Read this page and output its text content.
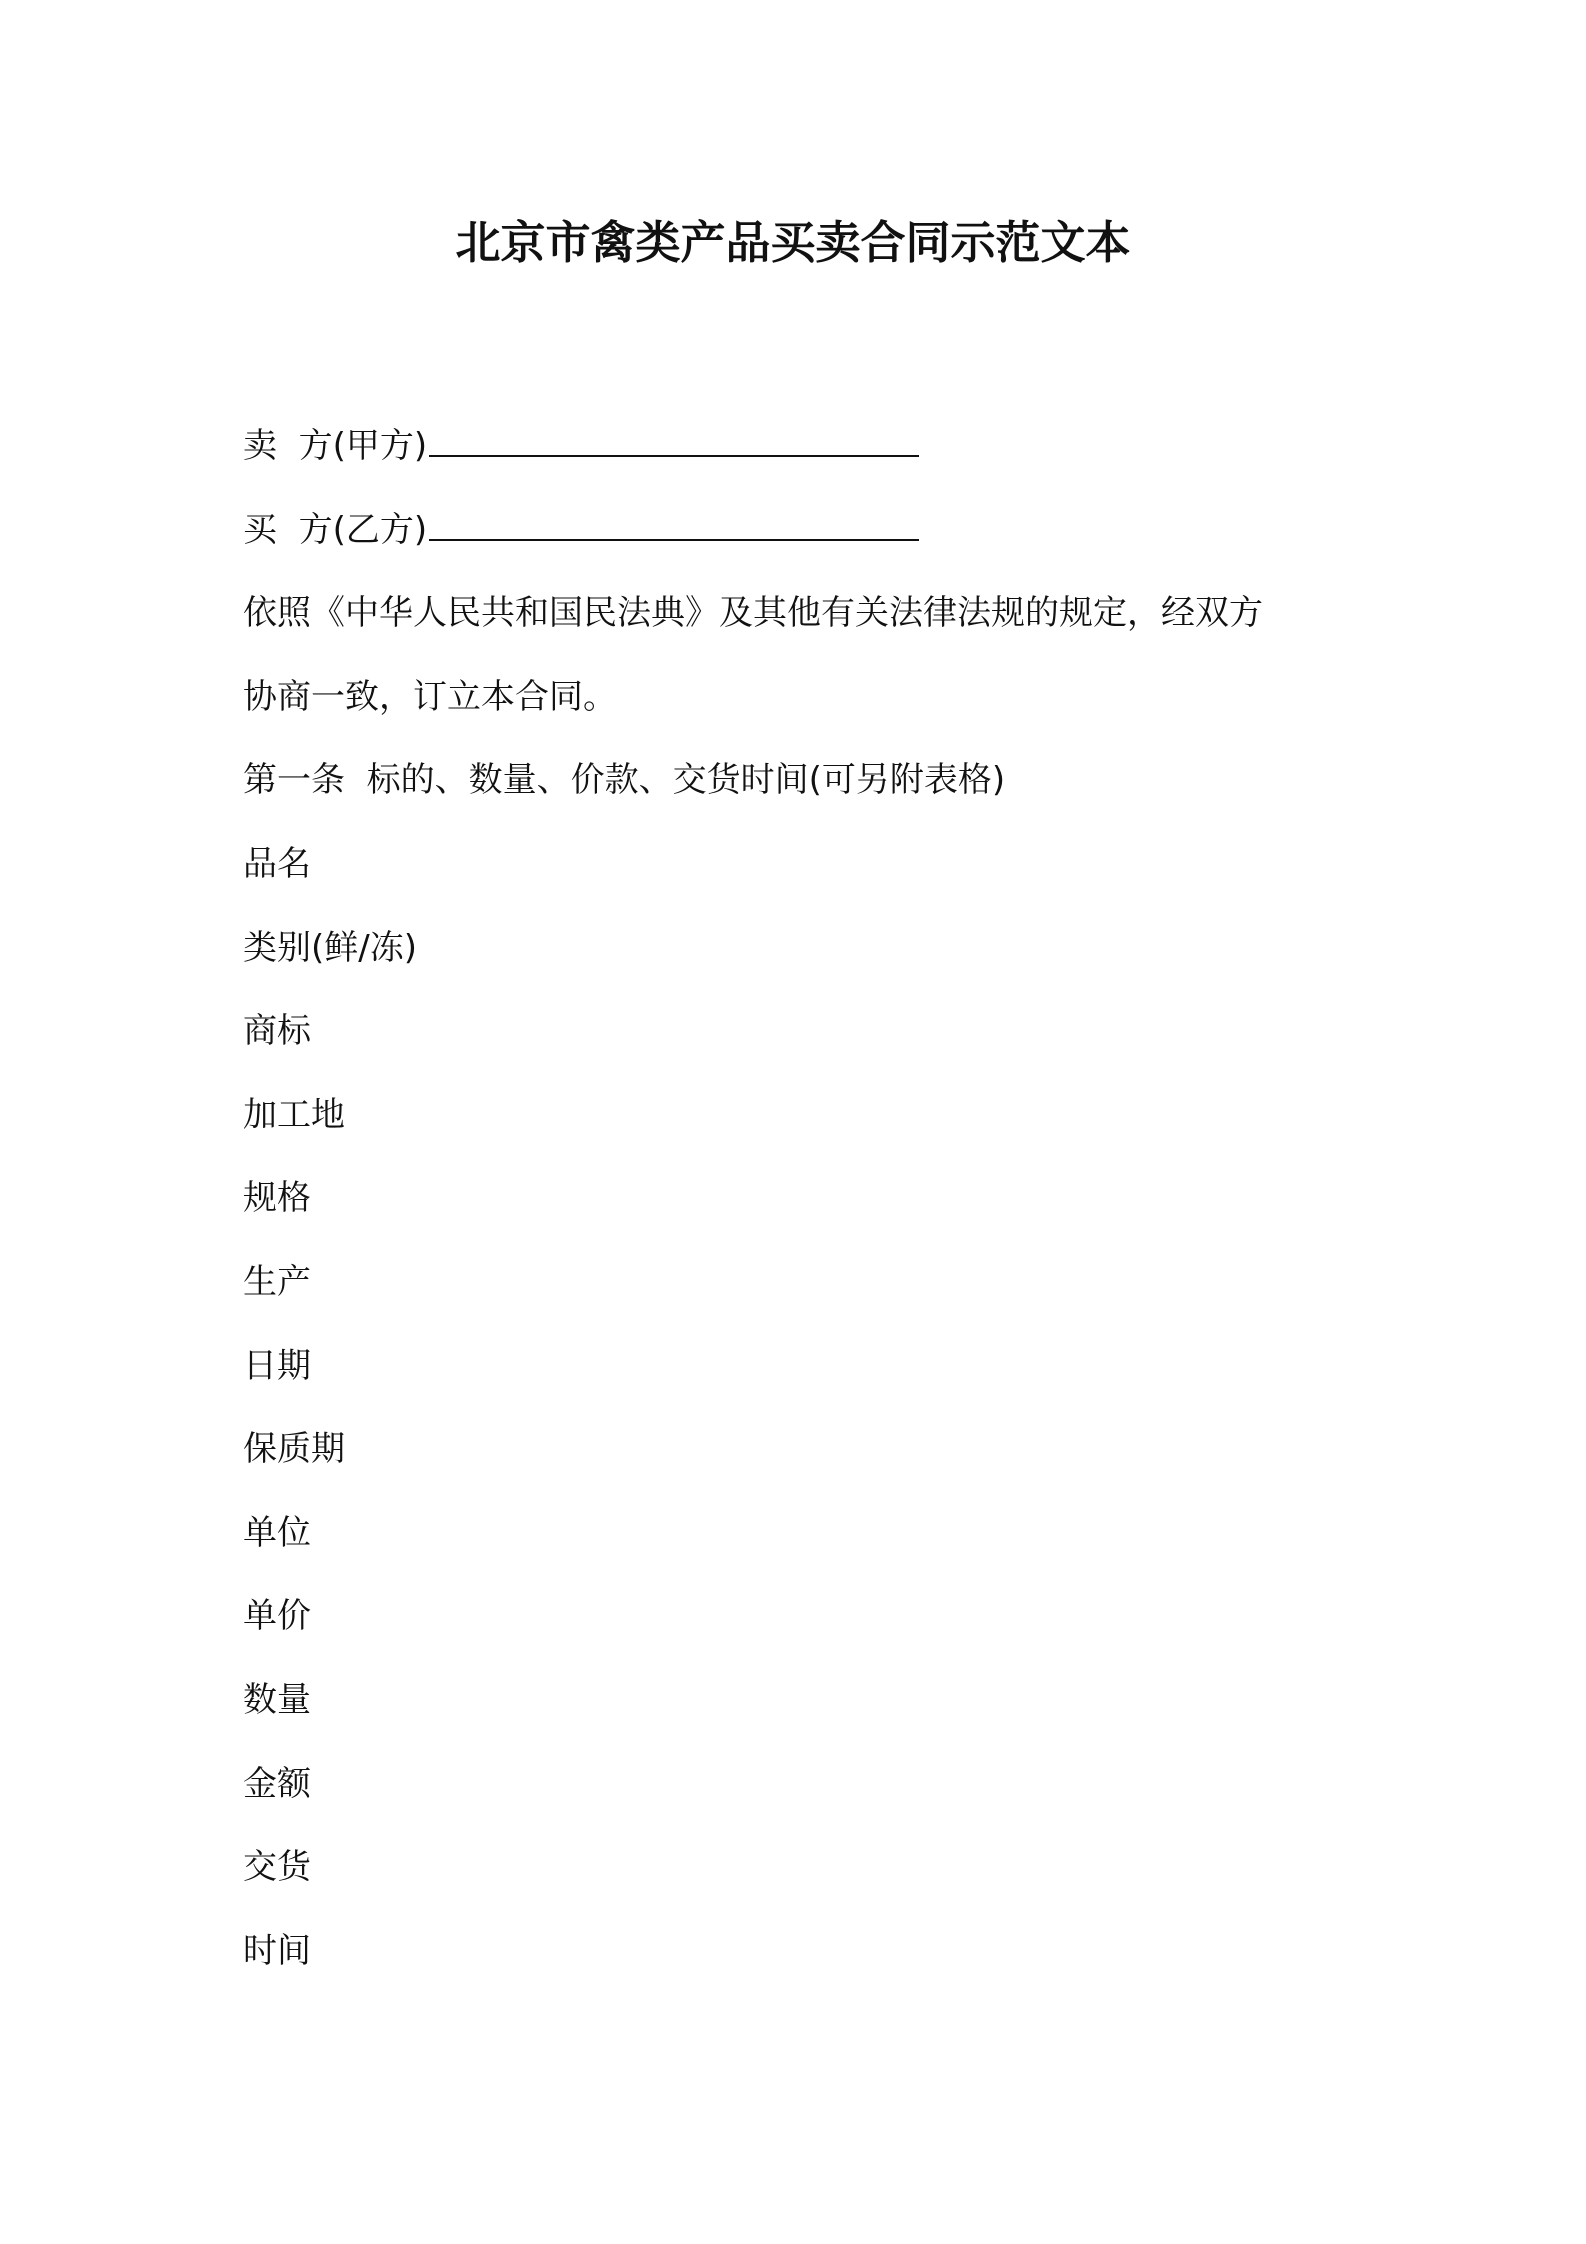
北京市禽类产品买卖合同示范文本
卖  方(甲方)
买  方(乙方)
依照《中华人民共和国民法典》及其他有关法律法规的规定，经双方
协商一致，订立本合同。
第一条  标的、数量、价款、交货时间(可另附表格)
品名
类别(鲜/冻)
商标
加工地
规格
生产
日期
保质期
单位
单价
数量
金额
交货
时间
